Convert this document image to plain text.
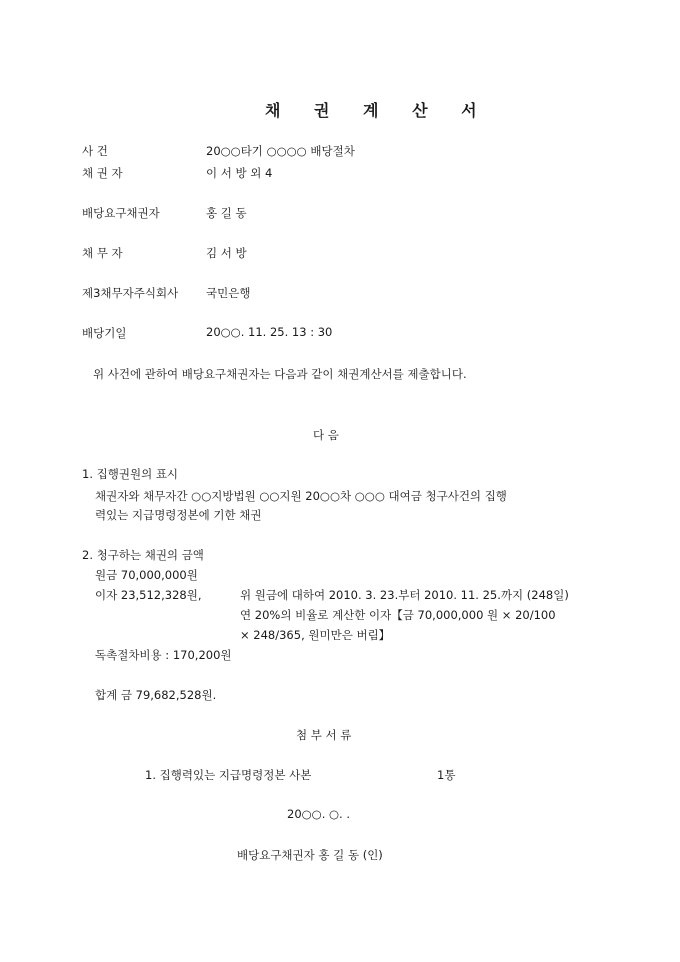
채 권 계 산 서
사 건	20○○타기 ○○○○ 배당절차
채 권 자	이 서 방 외 4
배당요구채권자	홍 길 동
채 무 자	김 서 방
제3채무자주식회사 국민은행
배당기일	20○○. 11. 25. 13 : 30
위 사건에 관하여 배당요구채권자는 다음과 같이 채권계산서를 제출합니다.
다 음
1. 집행권원의 표시
채권자와 채무자간 ○○지방법원 ○○지원 20○○차 ○○○ 대여금 청구사건의 집행
력있는 지급명령정본에 기한 채권
2. 청구하는 채권의 금액
원금 70,000,000원
이자 23,512,328원,	위 원금에 대하여 2010. 3. 23.부터 2010. 11. 25.까지 (248일)
연 20%의 비율로 계산한 이자【금 70,000,000 원 × 20/100
× 248/365, 원미만은 버림】
독촉절차비용 : 170,200원
합계 금 79,682,528원.
첨 부 서 류
1. 집행력있는 지급명령정본 사본	1통
20○○. ○. .
배당요구채권자 홍 길 동 (인)
